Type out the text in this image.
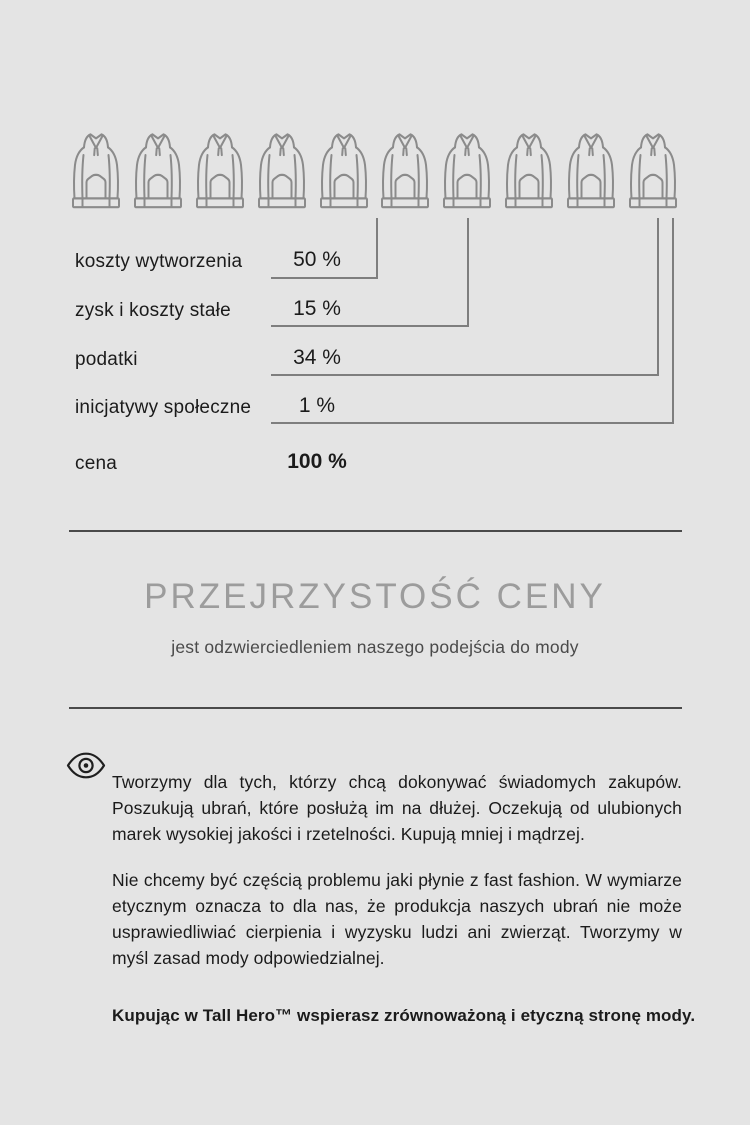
koszty wytworzenia	50 %
zysk i koszty stałe	15 %
podatki	34 %
inicjatywy społeczne	1 %
cena	100 %
PRZEJRZYSTOŚĆ CENY
jest odzwierciedleniem naszego podejścia do mody

Tworzymy dla tych, którzy chcą dokonywać świadomych zakupów. Poszukują ubrań, które posłużą im na dłużej. Oczekują od ulubionych marek wysokiej jakości i rzetelności. Kupują mniej i mądrzej.

Nie chcemy być częścią problemu jaki płynie z fast fashion. W wymiarze etycznym oznacza to dla nas, że produkcja naszych ubrań nie może usprawiedliwiać cierpienia i wyzysku ludzi ani zwierząt. Tworzymy w myśl zasad mody odpowiedzialnej.

Kupując w Tall Hero™ wspierasz zrównoważoną i etyczną stronę mody.
